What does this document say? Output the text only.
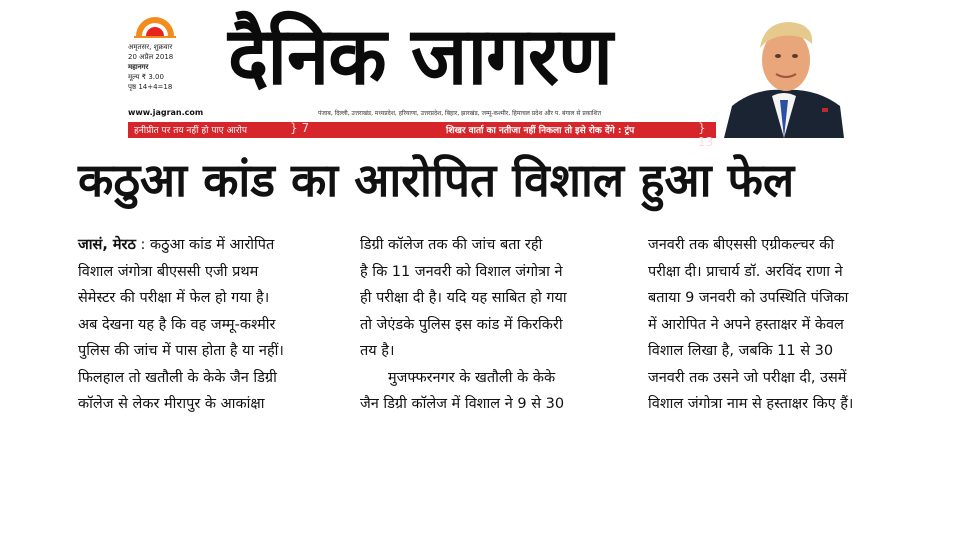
अमृतसर, शुक्रवार
20 अप्रैल 2018
महानगर
मूल्य ₹ 3.00
पृष्ठ 14+4=18 दैनिक जागरण
www.jagran.com	पंजाब, दिल्ली, उत्तराखंड, मध्यप्रदेश, हरियाणा, उत्तरप्रदेश, बिहार, झारखंड, जम्मू-कश्मीर, हिमाचल प्रदेश और प. बंगाल से प्रकाशित
हनीप्रीत पर तय नहीं हो पाए आरोप	} 7	शिखर वार्ता का नतीजा नहीं निकला तो इसे रोक देंगे : ट्रंप	} 13
कठुआ कांड का आरोपित विशाल हुआ फेल
जासं, मेरठ : कठुआ कांड में आरोपित
विशाल जंगोत्रा बीएससी एजी प्रथम
सेमेस्टर की परीक्षा में फेल हो गया है।
अब देखना यह है कि वह जम्मू-कश्मीर
पुलिस की जांच में पास होता है या नहीं।
फिलहाल तो खतौली के केके जैन डिग्री
कॉलेज से लेकर मीरापुर के आकांक्षा
डिग्री कॉलेज तक की जांच बता रही
है कि 11 जनवरी को विशाल जंगोत्रा ने
ही परीक्षा दी है। यदि यह साबित हो गया
तो जेएंडके पुलिस इस कांड में किरकिरी
तय है।
मुजफ्फरनगर के खतौली के केके
जैन डिग्री कॉलेज में विशाल ने 9 से 30
जनवरी तक बीएससी एग्रीकल्चर की
परीक्षा दी। प्राचार्य डॉ. अरविंद राणा ने
बताया 9 जनवरी को उपस्थिति पंजिका
में आरोपित ने अपने हस्ताक्षर में केवल
विशाल लिखा है, जबकि 11 से 30
जनवरी तक उसने जो परीक्षा दी, उसमें
विशाल जंगोत्रा नाम से हस्ताक्षर किए हैं।
